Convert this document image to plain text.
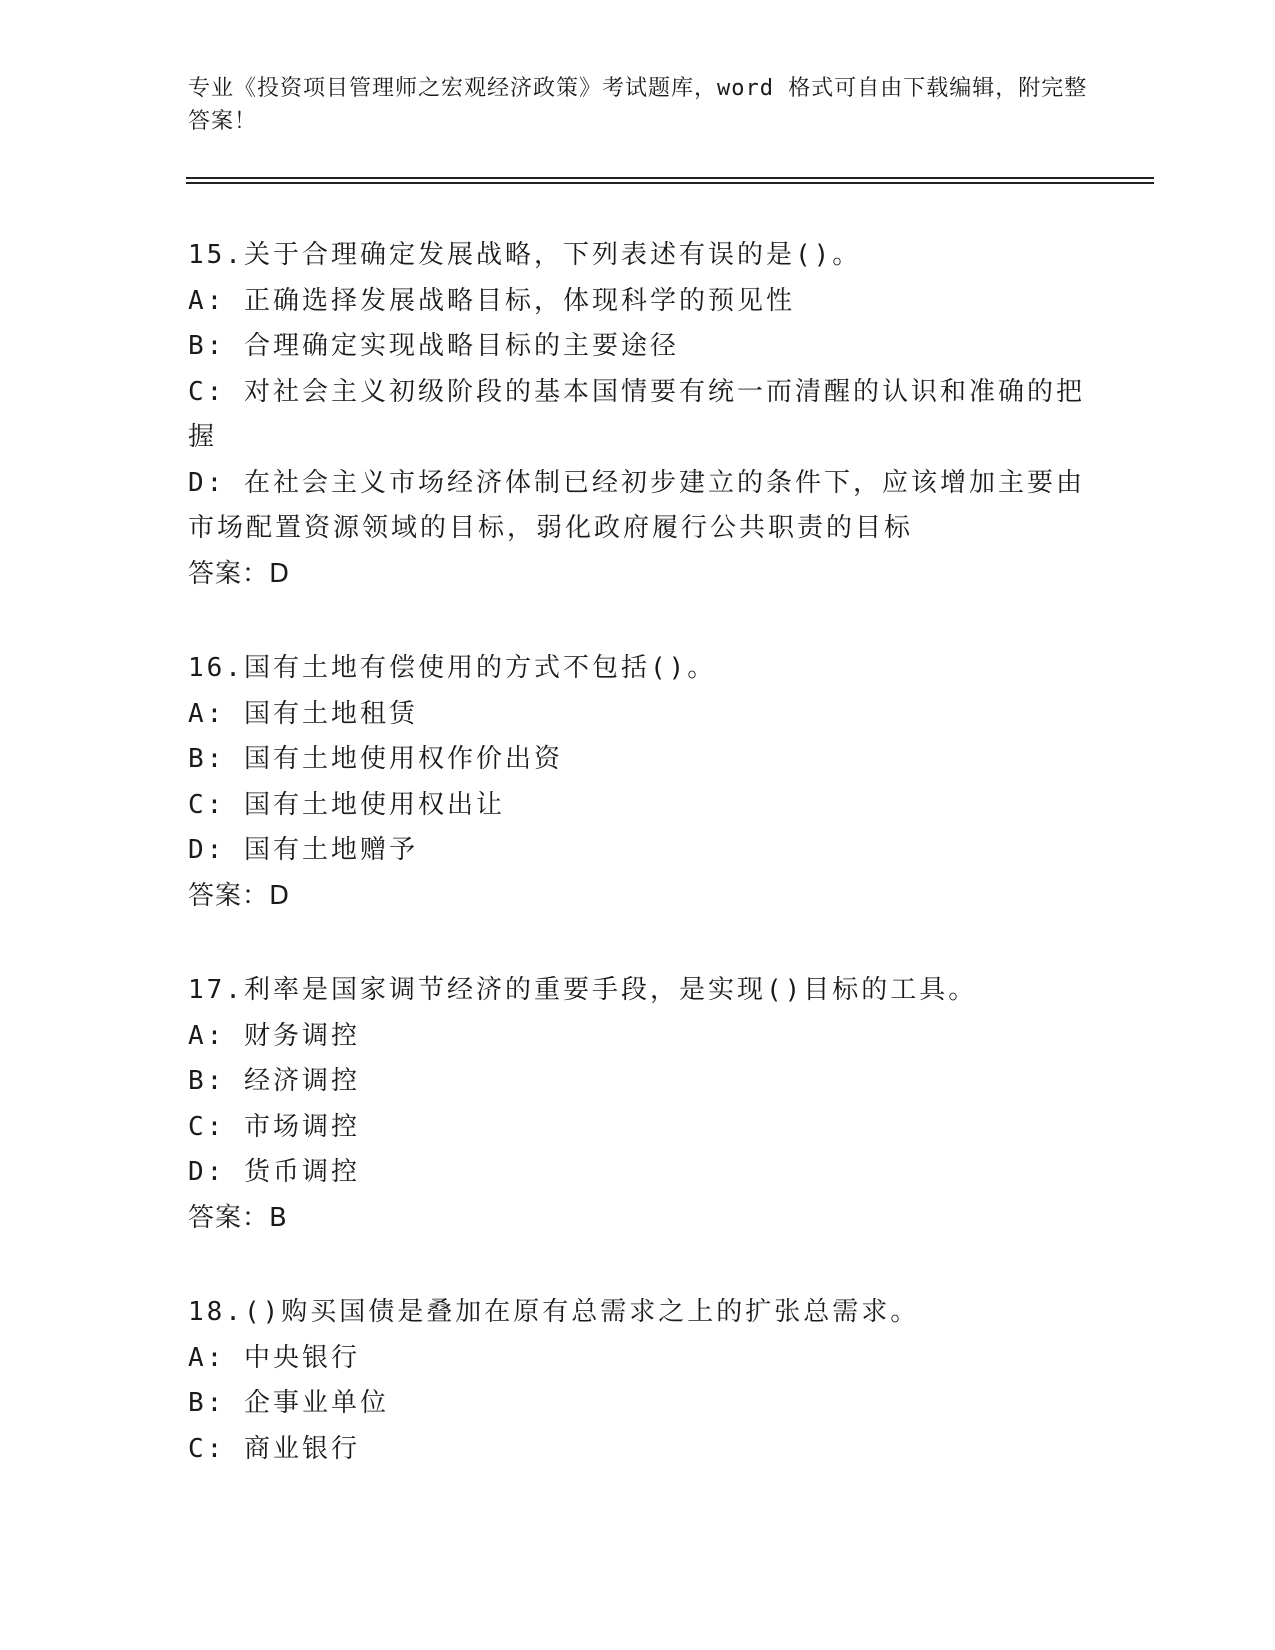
专业《投资项目管理师之宏观经济政策》考试题库，word 格式可自由下载编辑，附完整答案！
15.关于合理确定发展战略，下列表述有误的是()。
A: 正确选择发展战略目标，体现科学的预见性
B: 合理确定实现战略目标的主要途径
C: 对社会主义初级阶段的基本国情要有统一而清醒的认识和准确的把握
D: 在社会主义市场经济体制已经初步建立的条件下，应该增加主要由市场配置资源领域的目标，弱化政府履行公共职责的目标
答案：D
16.国有土地有偿使用的方式不包括()。
A: 国有土地租赁
B: 国有土地使用权作价出资
C: 国有土地使用权出让
D: 国有土地赠予
答案：D
17.利率是国家调节经济的重要手段，是实现()目标的工具。
A: 财务调控
B: 经济调控
C: 市场调控
D: 货币调控
答案：B
18.()购买国债是叠加在原有总需求之上的扩张总需求。
A: 中央银行
B: 企事业单位
C: 商业银行
